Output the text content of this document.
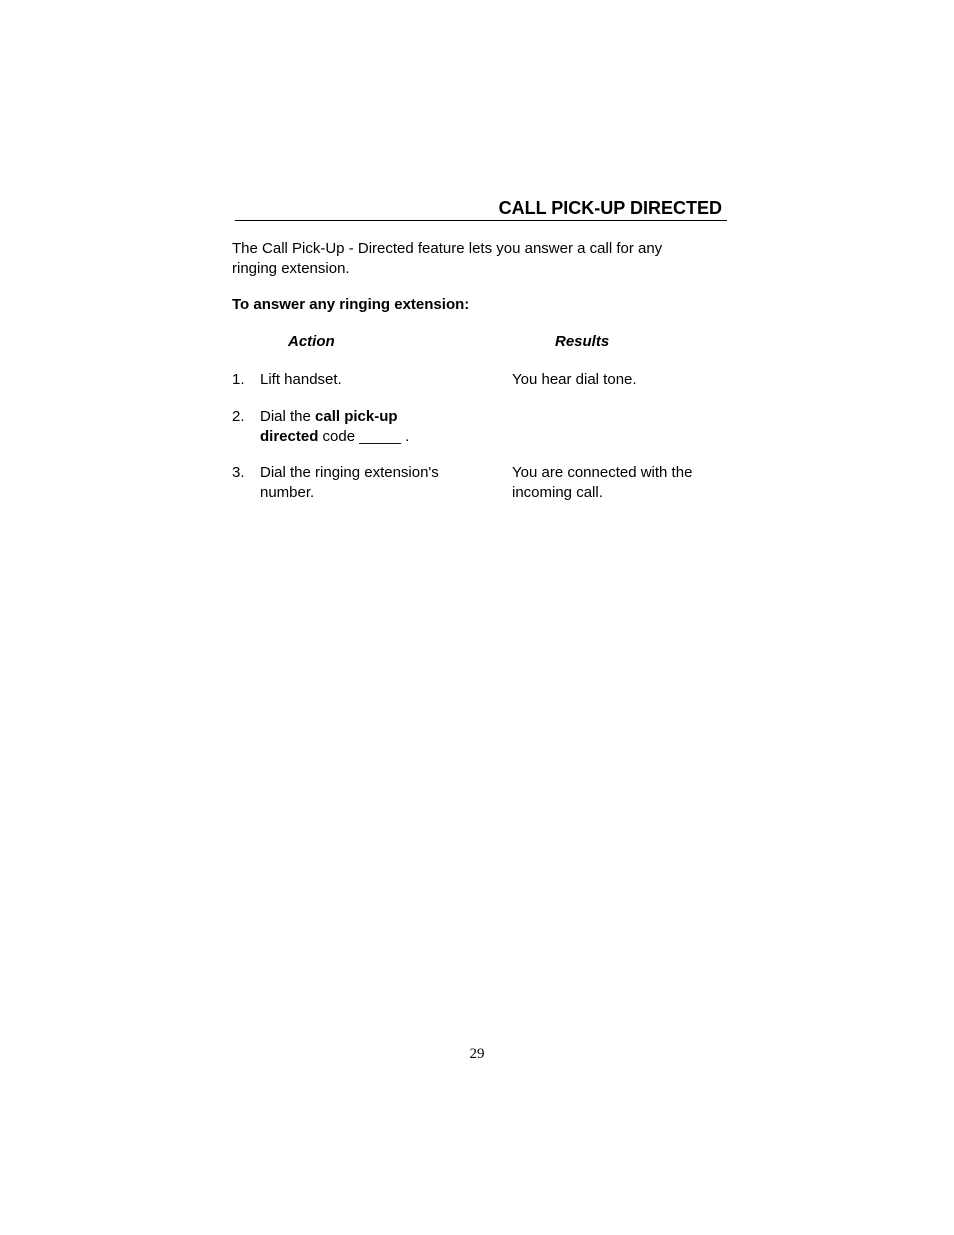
CALL PICK-UP DIRECTED
The Call Pick-Up - Directed feature lets you answer a call for any ringing extension.
To answer any ringing extension:
Action	Results
1. Lift handset.	You hear dial tone.
2. Dial the call pick-up
directed code _____ .
3. Dial the ringing extension's
number.
You are connected with the
incoming call.
29
